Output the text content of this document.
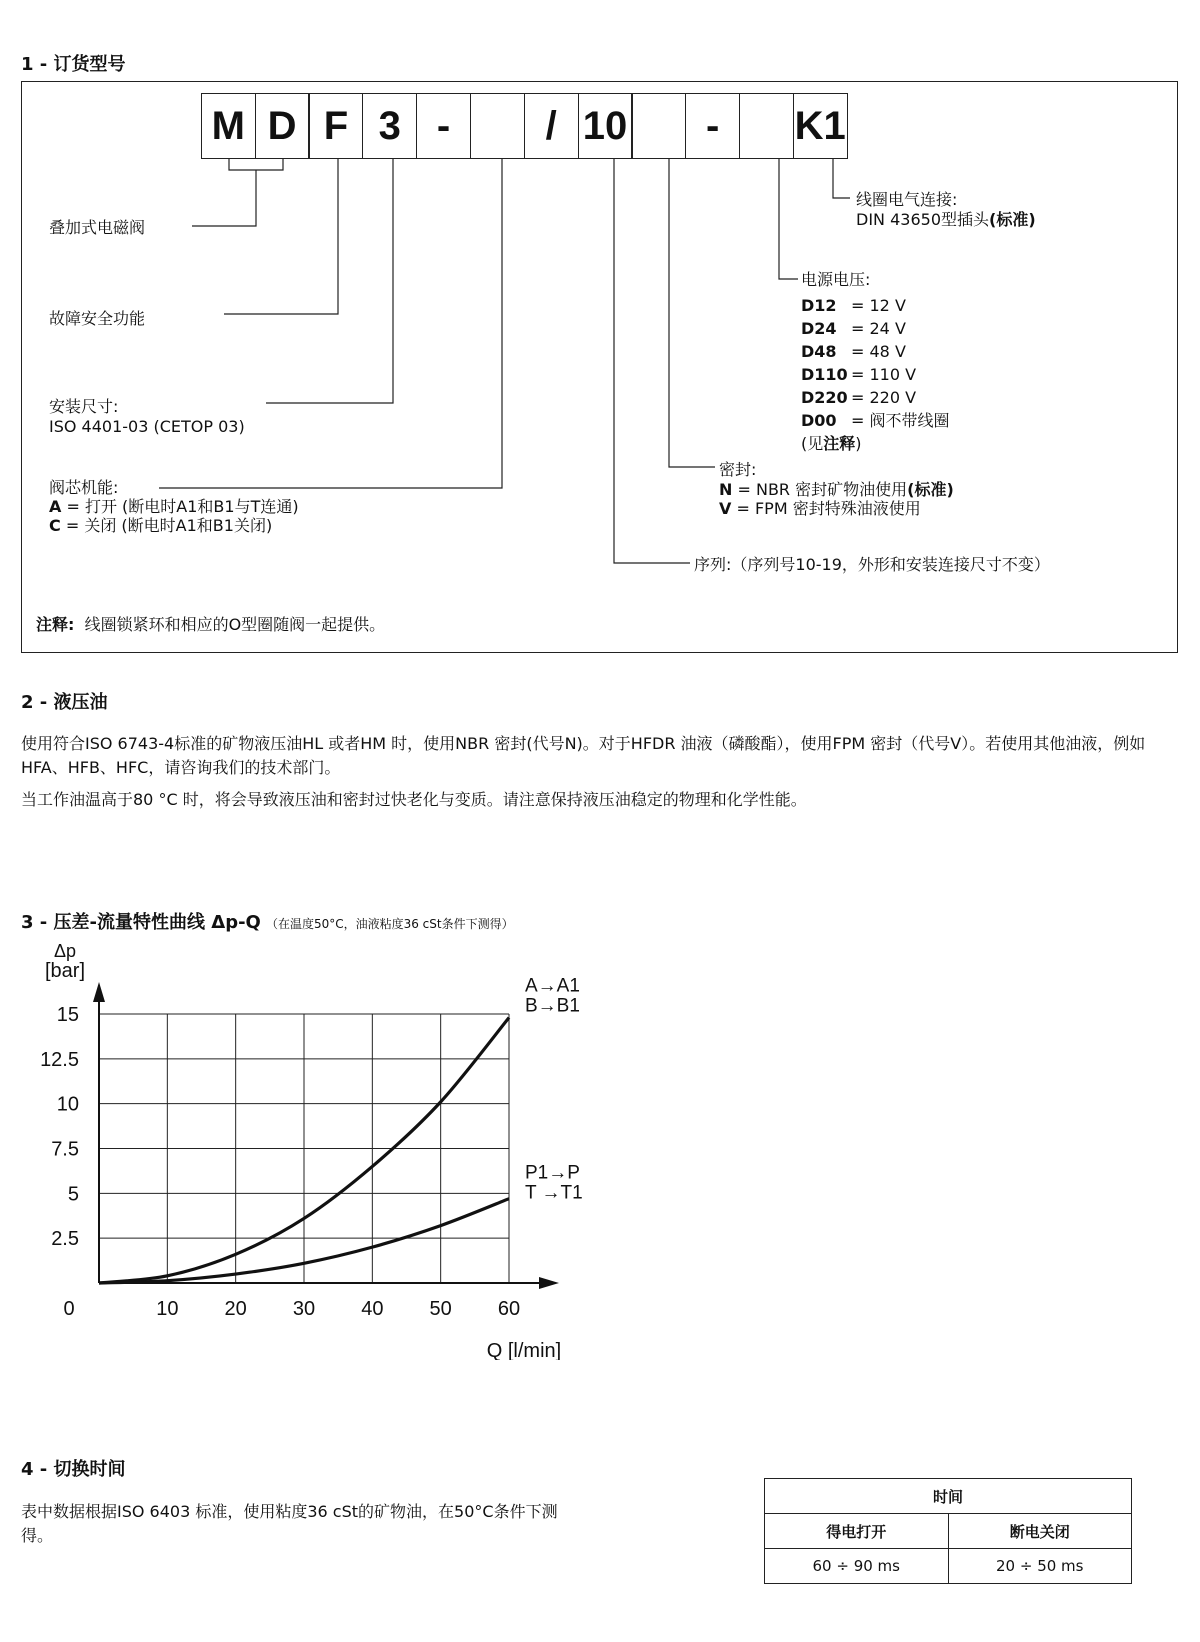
1 - 订货型号
M D F 3 -	/ 10	-	K1
叠加式电磁阀
故障安全功能
安装尺寸:
ISO 4401-03 (CETOP 03)
阀芯机能:
A = 打开 (断电时A1和B1与T连通)
C = 关闭 (断电时A1和B1关闭)
线圈电气连接:
DIN 43650型插头(标准)
电源电压:
D12 = 12 V
D24 = 24 V
D48 = 48 V
D110 = 110 V
D220 = 220 V
D00 = 阀不带线圈
(见注释)
密封:
N = NBR 密封矿物油使用(标准)
V = FPM 密封特殊油液使用
序列:（序列号10-19，外形和安装连接尺寸不变）
注释: 线圈锁紧环和相应的O型圈随阀一起提供。
2 - 液压油
使用符合ISO 6743-4标准的矿物液压油HL 或者HM 时，使用NBR 密封(代号N)。对于HFDR 油液（磷酸酯），使用FPM 密封（代号V）。若使用其他油液，例如HFA、HFB、HFC，请咨询我们的技术部门。
当工作油温高于80 °C 时，将会导致液压油和密封过快老化与变质。请注意保持液压油稳定的物理和化学性能。
3 - 压差-流量特性曲线 Δp-Q （在温度50°C，油液粘度36 cSt条件下测得）
0	10 20 30 40 50 60
2.5
5
7.5
10
12.5
15
Δp
[bar]
Q [l/min]
A→A1
B→B1
P1→P
T →T1
4 - 切换时间
表中数据根据ISO 6403 标准，使用粘度36 cSt的矿物油，在50°C条件下测得。
时间	
得电打开	断电关闭
60 ÷ 90 ms	20 ÷ 50 ms
